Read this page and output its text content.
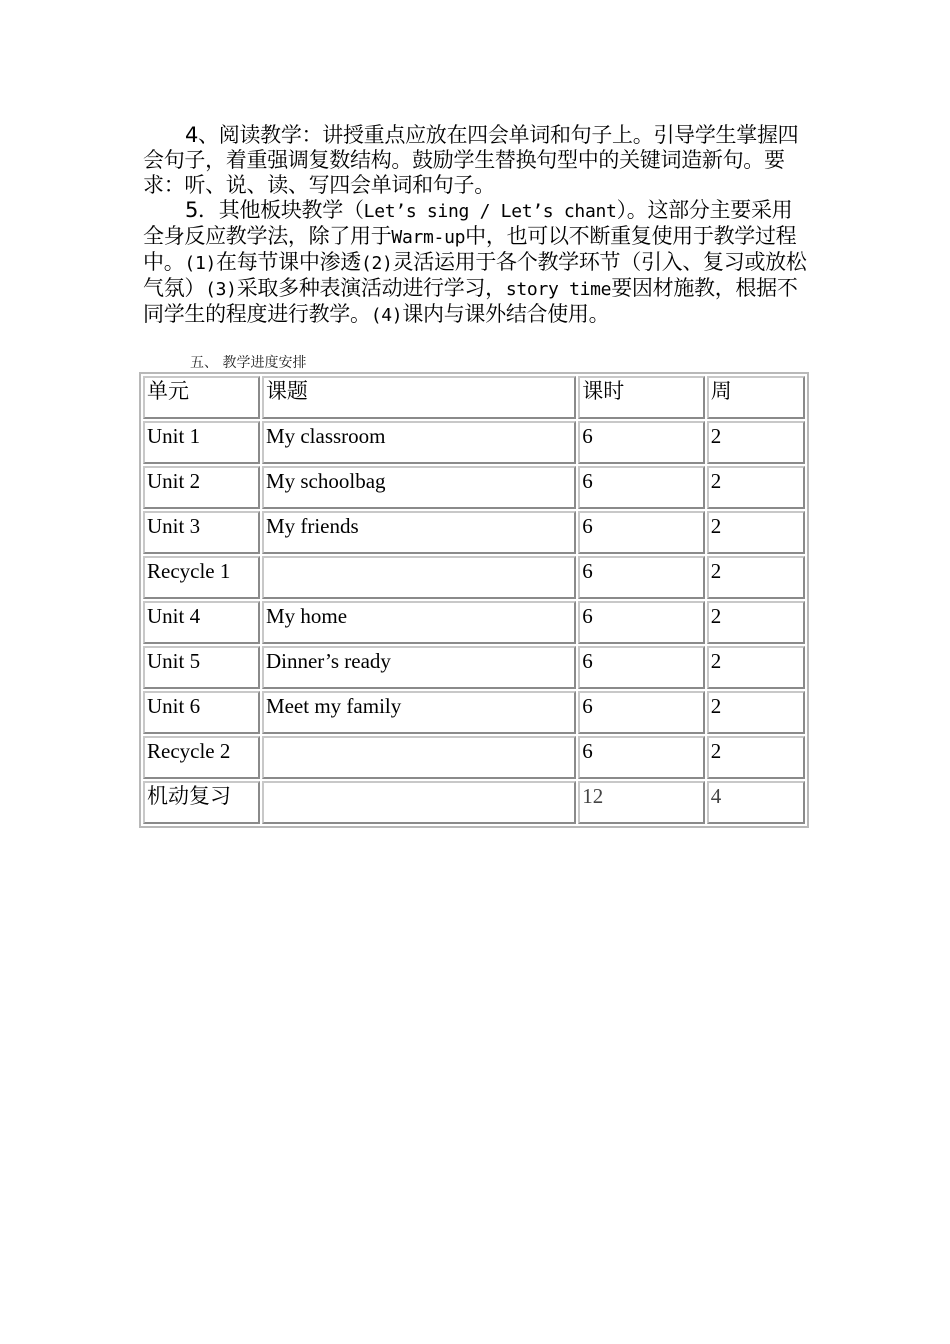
4、阅读教学：讲授重点应放在四会单词和句子上。引导学生掌握四会句子，着重强调复数结构。鼓励学生替换句型中的关键词造新句。要求：听、说、读、写四会单词和句子。
5．其他板块教学（Let’s sing / Let’s chant）。这部分主要采用全身反应教学法，除了用于Warm-up中，也可以不断重复使用于教学过程中。(1)在每节课中渗透(2)灵活运用于各个教学环节（引入、复习或放松气氛）(3)采取多种表演活动进行学习，story time要因材施教，根据不同学生的程度进行教学。(4)课内与课外结合使用。
五、 教学进度安排
单元	课题	课时	周
Unit 1	My classroom	6	2
Unit 2	My schoolbag	6	2
Unit 3	My friends	6	2
Recycle 1		6	2
Unit 4	My home	6	2
Unit 5	Dinner’s ready	6	2
Unit 6	Meet my family	6	2
Recycle 2		6	2
机动复习		12	4
